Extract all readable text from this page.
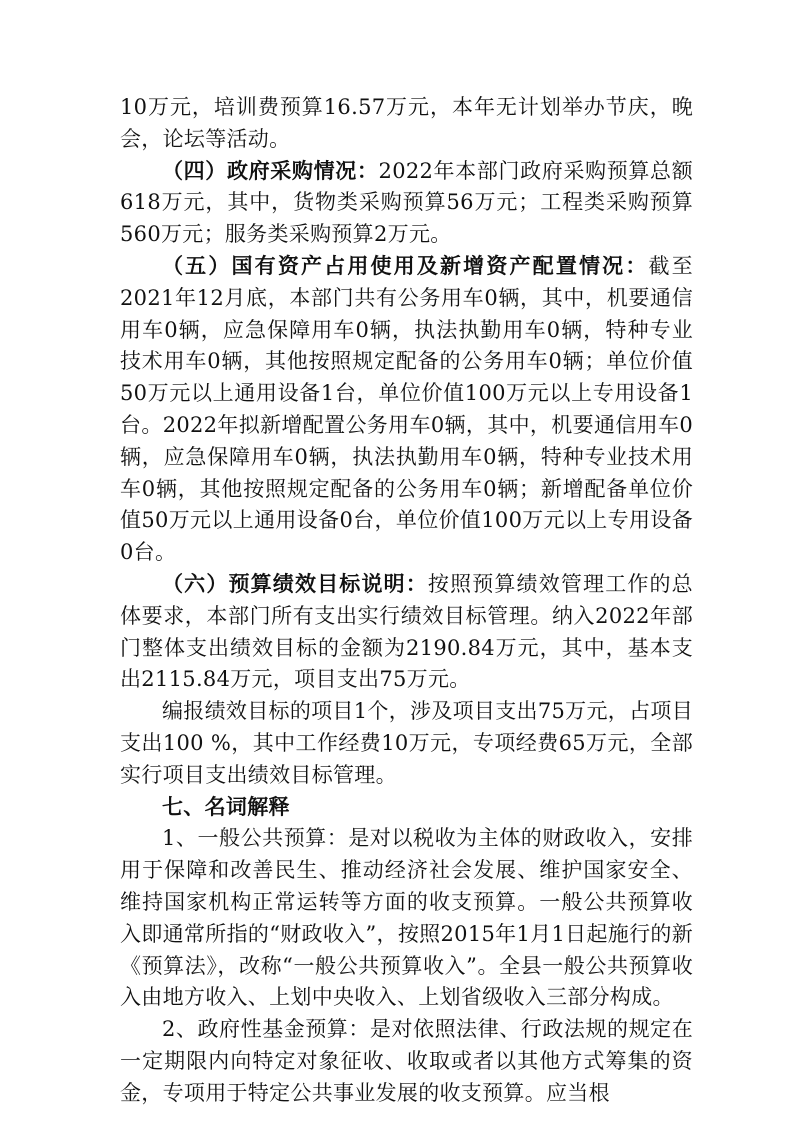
10万元，培训费预算16.57万元，本年无计划举办节庆，晚会，论坛等活动。

（四）政府采购情况：2022年本部门政府采购预算总额618万元，其中，货物类采购预算56万元；工程类采购预算560万元；服务类采购预算2万元。

（五）国有资产占用使用及新增资产配置情况：截至2021年12月底，本部门共有公务用车0辆，其中，机要通信用车0辆，应急保障用车0辆，执法执勤用车0辆，特种专业技术用车0辆，其他按照规定配备的公务用车0辆；单位价值50万元以上通用设备1台，单位价值100万元以上专用设备1台。2022年拟新增配置公务用车0辆，其中，机要通信用车0辆，应急保障用车0辆，执法执勤用车0辆，特种专业技术用车0辆，其他按照规定配备的公务用车0辆；新增配备单位价值50万元以上通用设备0台，单位价值100万元以上专用设备0台。

（六）预算绩效目标说明：按照预算绩效管理工作的总体要求，本部门所有支出实行绩效目标管理。纳入2022年部门整体支出绩效目标的金额为2190.84万元，其中，基本支出2115.84万元，项目支出75万元。

编报绩效目标的项目1个，涉及项目支出75万元，占项目支出100 %，其中工作经费10万元，专项经费65万元，全部实行项目支出绩效目标管理。

七、名词解释

1、一般公共预算：是对以税收为主体的财政收入，安排用于保障和改善民生、推动经济社会发展、维护国家安全、维持国家机构正常运转等方面的收支预算。一般公共预算收入即通常所指的“财政收入”，按照2015年1月1日起施行的新《预算法》，改称“一般公共预算收入”。全县一般公共预算收入由地方收入、上划中央收入、上划省级收入三部分构成。

2、政府性基金预算：是对依照法律、行政法规的规定在一定期限内向特定对象征收、收取或者以其他方式筹集的资金，专项用于特定公共事业发展的收支预算。应当根
